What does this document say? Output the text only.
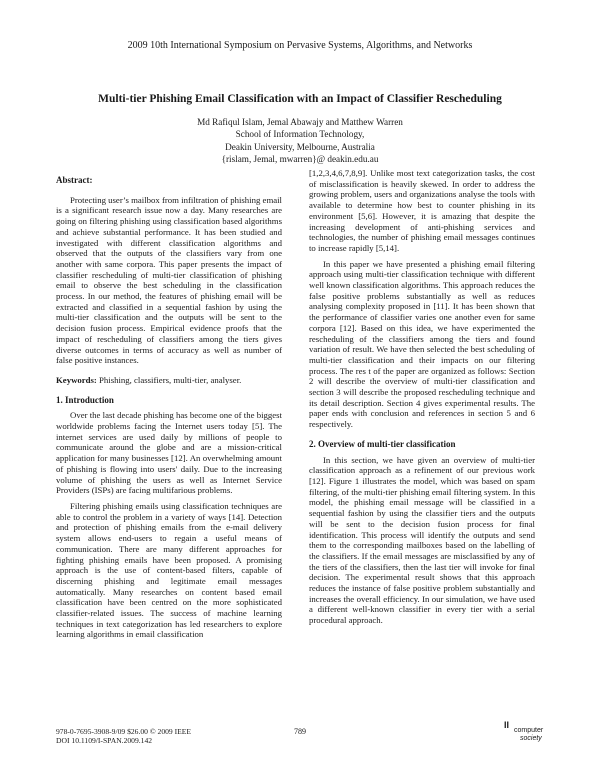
2009 10th International Symposium on Pervasive Systems, Algorithms, and Networks
Multi-tier Phishing Email Classification with an Impact of Classifier Rescheduling
Md Rafiqul Islam, Jemal Abawajy and Matthew Warren
School of Information Technology,
Deakin University, Melbourne, Australia
{rislam, Jemal, mwarren}@ deakin.edu.au

Abstract:

Protecting user’s mailbox from infiltration of phishing email is a significant research issue now a day. Many researches are going on filtering phishing using classification based algorithms and achieve substantial performance. It has been studied and investigated with different classification algorithms and observed that the outputs of the classifiers vary from one another with same corpora. This paper presents the impact of classifier rescheduling of multi-tier classification of phishing email to observe the best scheduling in the classification process. In our method, the features of phishing email will be extracted and classified in a sequential fashion by using the multi-tier classification and the outputs will be sent to the decision fusion process. Empirical evidence proofs that the impact of rescheduling of classifiers among the tiers gives diverse outcomes in terms of accuracy as well as number of false positive instances.

Keywords: Phishing, classifiers, multi-tier, analyser.

1. Introduction

Over the last decade phishing has become one of the biggest worldwide problems facing the Internet users today [5]. The internet services are used daily by millions of people to communicate around the globe and are a mission-critical application for many businesses [12]. An overwhelming amount of phishing is flowing into users' daily. Due to the increasing volume of phishing the users as well as Internet Service Providers (ISPs) are facing multifarious problems.

Filtering phishing emails using classification techniques are able to control the problem in a variety of ways [14]. Detection and protection of phishing emails from the e-mail delivery system allows end-users to regain a useful means of communication. There are many different approaches for fighting phishing emails have been proposed. A promising approach is the use of content-based filters, capable of discerning phishing and legitimate email messages automatically. Many researches on content based email classification have been centred on the more sophisticated classifier-related issues. The success of machine learning techniques in text categorization has led researchers to explore learning algorithms in email classification

[1,2,3,4,6,7,8,9]. Unlike most text categorization tasks, the cost of misclassification is heavily skewed. In order to address the growing problem, users and organizations analyse the tools with available to determine how best to counter phishing in its environment [5,6]. However, it is amazing that despite the increasing development of anti-phishing services and technologies, the number of phishing email messages continues to increase rapidly [5,14].

In this paper we have presented a phishing email filtering approach using multi-tier classification technique with different well known classification algorithms. This approach reduces the false positive problems substantially as well as reduces analysing complexity proposed in [11]. It has been shown that the performance of classifier varies one another even for same corpora [12]. Based on this idea, we have experimented the rescheduling of the classifiers among the tiers and found variation of result. We have then selected the best scheduling of multi-tier classification and their impacts on our filtering process. The res t of the paper are organized as follows: Section 2 will describe the overview of multi-tier classification and section 3 will describe the proposed rescheduling technique and its detail description. Section 4 gives experimental results. The paper ends with conclusion and references in section 5 and 6 respectively.

2. Overview of multi-tier classification

In this section, we have given an overview of multi-tier classification approach as a refinement of our previous work [12]. Figure 1 illustrates the model, which was based on spam filtering, of the multi-tier phishing email filtering system. In this model, the phishing email message will be classified in a sequential fashion by using the classifier tiers and the outputs will be sent to the decision fusion process for final identification. This process will identify the outputs and send them to the corresponding mailboxes based on the labelling of the classifiers. If the email messages are misclassified by any of the tiers of the classifiers, then the last tier will invoke for final decision. The experimental result shows that this approach reduces the instance of false positive problem substantially and increases the overall efficiency. In our simulation, we have used a different well-known classifier in every tier with a serial procedural approach.

978-0-7695-3908-9/09 $26.00 © 2009 IEEE
DOI 10.1109/I-SPAN.2009.142
789
II
computer
society
